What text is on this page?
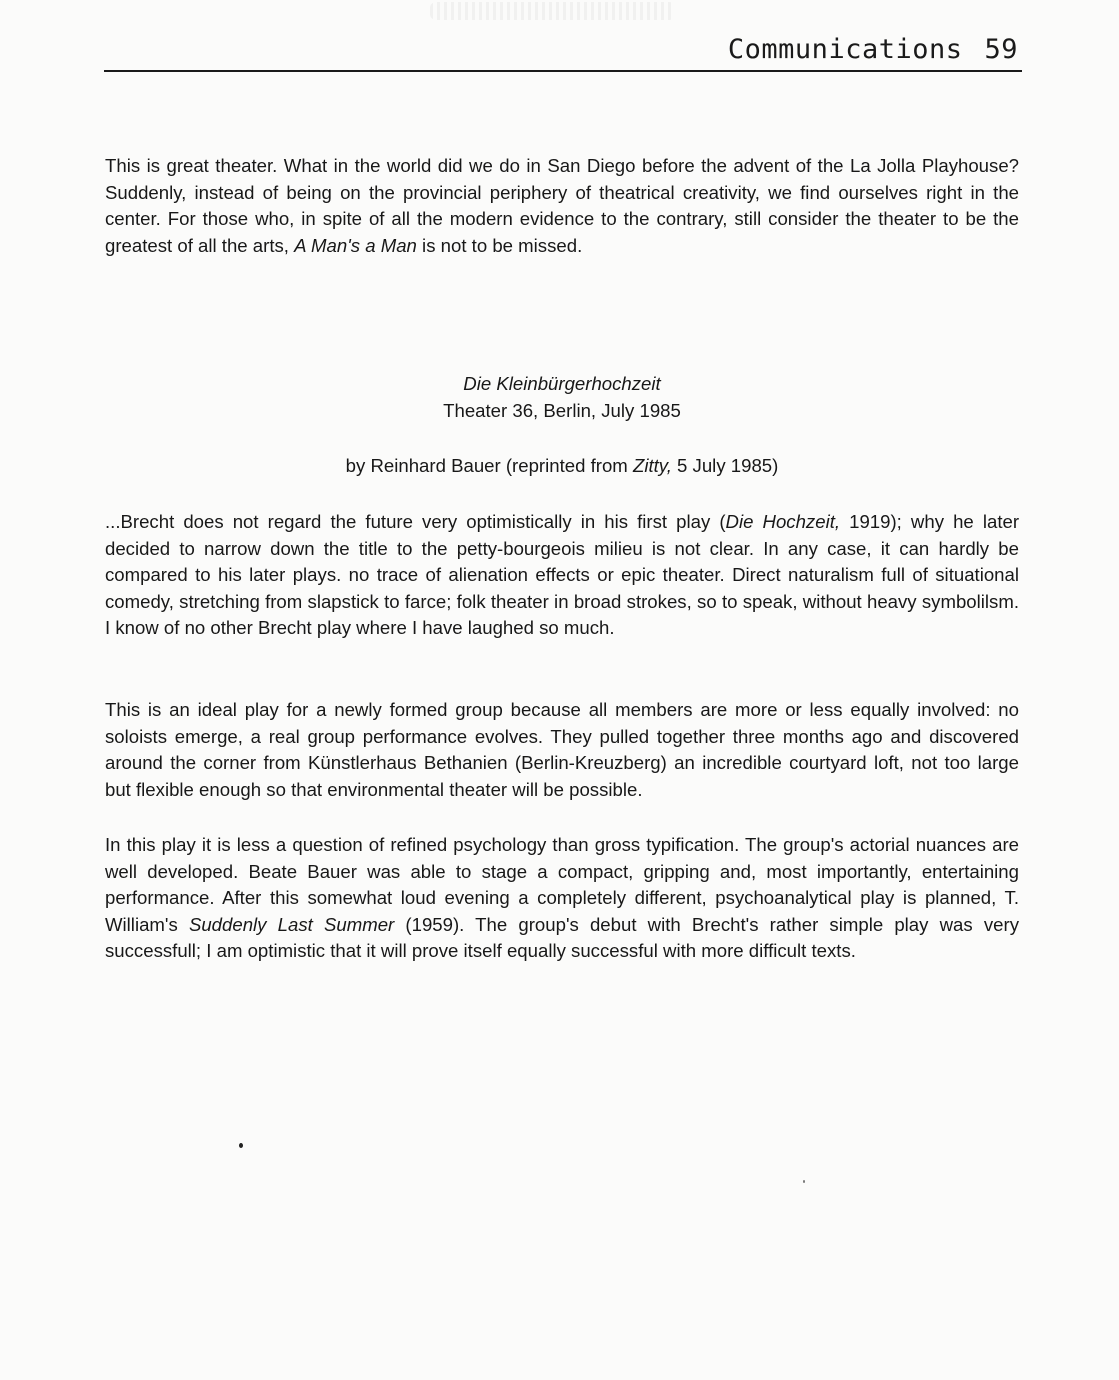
Communications 59

This is great theater. What in the world did we do in San Diego before the advent of the La Jolla Playhouse? Suddenly, instead of being on the provincial periphery of theatrical creativity, we find ourselves right in the center. For those who, in spite of all the modern evidence to the contrary, still consider the theater to be the greatest of all the arts, A Man's a Man is not to be missed.

Die Kleinbürgerhochzeit
Theater 36, Berlin, July 1985
by Reinhard Bauer (reprinted from Zitty, 5 July 1985)

...Brecht does not regard the future very optimistically in his first play (Die Hochzeit, 1919); why he later decided to narrow down the title to the petty-bourgeois milieu is not clear. In any case, it can hardly be compared to his later plays. no trace of alienation effects or epic theater. Direct naturalism full of situational comedy, stretching from slapstick to farce; folk theater in broad strokes, so to speak, without heavy symbolilsm. I know of no other Brecht play where I have laughed so much.

This is an ideal play for a newly formed group because all members are more or less equally involved: no soloists emerge, a real group performance evolves. They pulled together three months ago and discovered around the corner from Künstlerhaus Bethanien (Berlin-Kreuzberg) an incredible courtyard loft, not too large but flexible enough so that environmental theater will be possible.

In this play it is less a question of refined psychology than gross typification. The group's actorial nuances are well developed. Beate Bauer was able to stage a compact, gripping and, most importantly, entertaining performance. After this somewhat loud evening a completely different, psychoanalytical play is planned, T. William's Suddenly Last Summer (1959). The group's debut with Brecht's rather simple play was very successfull; I am optimistic that it will prove itself equally successful with more difficult texts.
